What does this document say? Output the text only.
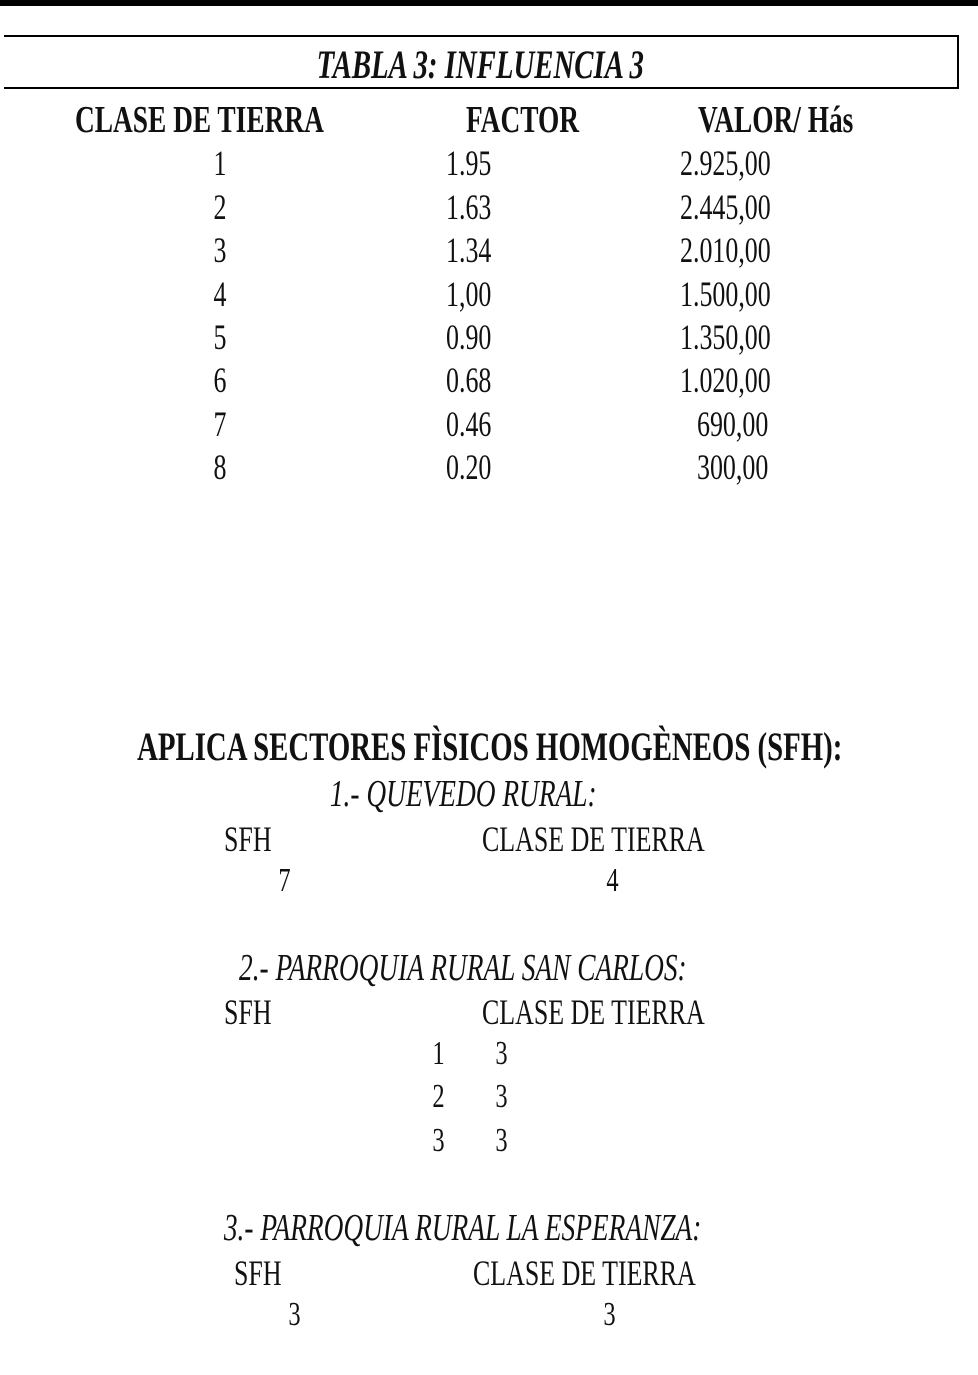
TABLA 3: INFLUENCIA 3
CLASE DE TIERRA	FACTOR	VALOR/ Hás
1	1.95	2.925,00
2	1.63	2.445,00
3	1.34	2.010,00
4	1,00	1.500,00
5	0.90	1.350,00
6	0.68	1.020,00
7	0.46	690,00
8	0.20	300,00
APLICA SECTORES FÌSICOS HOMOGÈNEOS (SFH):
1.- QUEVEDO RURAL:
SFH	CLASE DE TIERRA
7	4
2.- PARROQUIA RURAL SAN CARLOS:
SFH	CLASE DE TIERRA
1	3
2	3
3	3
3.- PARROQUIA RURAL LA ESPERANZA:
SFH	CLASE DE TIERRA
3	3
